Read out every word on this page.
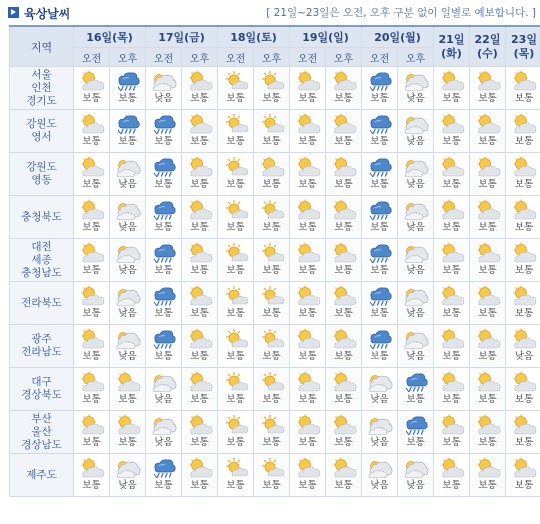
육상날씨	[ 21일~23일은 오전, 오후 구분 없이 일별로 예보합니다. ]
지역	16일(목)		17일(금)		18일(토)		19일(일)		20일(월)		21일
(화)	22일
(수)	23일
(목)
	오전	오후	오전	오후	오전	오후	오전	오후	오전	오후			
서울
인천
경기도	보통	보통	낮음	보통	보통	보통	보통	보통	보통	낮음	보통	보통	보통

강원도
영서	보통	보통	보통	보통	보통	보통	보통	보통	보통	낮음	보통	보통	보통

강원도
영동	보통	낮음	보통	보통	보통	보통	보통	보통	보통	낮음	보통	보통	보통

충청북도	보통	낮음	보통	보통	보통	보통	보통	보통	보통	낮음	보통	보통	보통

대전
세종
충청남도	보통	낮음	보통	보통	보통	보통	보통	보통	보통	낮음	보통	보통	보통

전라북도	보통	낮음	보통	보통	보통	보통	보통	보통	보통	낮음	보통	보통	보통

광주
전라남도	보통	낮음	보통	보통	보통	보통	보통	보통	보통	낮음	보통	보통	낮음

대구
경상북도	보통	보통	낮음	보통	보통	보통	보통	보통	낮음	보통	보통	보통	보통

부산
울산
경상남도	보통	보통	낮음	보통	보통	보통	보통	보통	낮음	보통	보통	보통	보통

제주도	보통	낮음	보통	보통	보통	보통	보통	보통	낮음	낮음	보통	보통	보통
